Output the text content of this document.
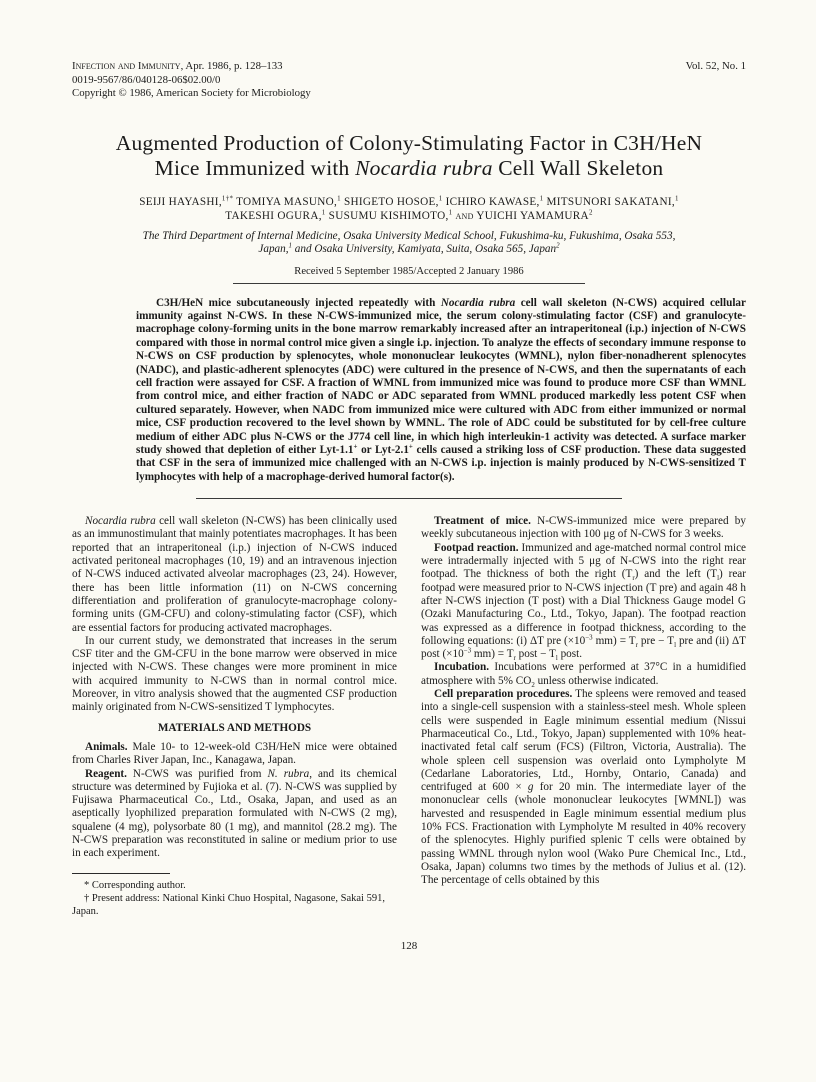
Infection and Immunity, Apr. 1986, p. 128–133
0019-9567/86/040128-06$02.00/0
Copyright © 1986, American Society for Microbiology
Vol. 52, No. 1
Augmented Production of Colony-Stimulating Factor in C3H/HeN
Mice Immunized with Nocardia rubra Cell Wall Skeleton
SEIJI HAYASHI,$^{1\dagger*}$ TOMIYA MASUNO,$^1$ SHIGETO HOSOE,$^1$ ICHIRO KAWASE,$^1$ MITSUNORI SAKATANI,$^1$
TAKESHI OGURA,$^1$ SUSUMU KISHIMOTO,$^1$ and YUICHI YAMAMURA$^2$
The Third Department of Internal Medicine, Osaka University Medical School, Fukushima-ku, Fukushima, Osaka 553,
Japan,$^1$ and Osaka University, Kamiyata, Suita, Osaka 565, Japan$^2$
Received 5 September 1985/Accepted 2 January 1986

C3H/HeN mice subcutaneously injected repeatedly with Nocardia rubra cell wall skeleton (N-CWS) acquired cellular immunity against N-CWS. In these N-CWS-immunized mice, the serum colony-stimulating factor (CSF) and granulocyte-macrophage colony-forming units in the bone marrow remarkably increased after an intraperitoneal (i.p.) injection of N-CWS compared with those in normal control mice given a single i.p. injection. To analyze the effects of secondary immune response to N-CWS on CSF production by splenocytes, whole mononuclear leukocytes (WMNL), nylon fiber-nonadherent splenocytes (NADC), and plastic-adherent splenocytes (ADC) were cultured in the presence of N-CWS, and then the supernatants of each cell fraction were assayed for CSF. A fraction of WMNL from immunized mice was found to produce more CSF than WMNL from control mice, and either fraction of NADC or ADC separated from WMNL produced markedly less potent CSF when cultured separately. However, when NADC from immunized mice were cultured with ADC from either immunized or normal mice, CSF production recovered to the level shown by WMNL. The role of ADC could be substituted for by cell-free culture medium of either ADC plus N-CWS or the J774 cell line, in which high interleukin-1 activity was detected. A surface marker study showed that depletion of either Lyt-1.1+ or Lyt-2.1+ cells caused a striking loss of CSF production. These data suggested that CSF in the sera of immunized mice challenged with an N-CWS i.p. injection is mainly produced by N-CWS-sensitized T lymphocytes with help of a macrophage-derived humoral factor(s).

Nocardia rubra cell wall skeleton (N-CWS) has been clinically used as an immunostimulant that mainly potentiates macrophages. It has been reported that an intraperitoneal (i.p.) injection of N-CWS induced activated peritoneal macrophages (10, 19) and an intravenous injection of N-CWS induced activated alveolar macrophages (23, 24). However, there has been little information (11) on N-CWS concerning differentiation and proliferation of granulocyte-macrophage colony-forming units (GM-CFU) and colony-stimulating factor (CSF), which are essential factors for producing activated macrophages.

In our current study, we demonstrated that increases in the serum CSF titer and the GM-CFU in the bone marrow were observed in mice injected with N-CWS. These changes were more prominent in mice with acquired immunity to N-CWS than in normal control mice. Moreover, in vitro analysis showed that the augmented CSF production mainly originated from N-CWS-sensitized T lymphocytes.

MATERIALS AND METHODS

Animals. Male 10- to 12-week-old C3H/HeN mice were obtained from Charles River Japan, Inc., Kanagawa, Japan.

Reagent. N-CWS was purified from N. rubra, and its chemical structure was determined by Fujioka et al. (7). N-CWS was supplied by Fujisawa Pharmaceutical Co., Ltd., Osaka, Japan, and used as an aseptically lyophilized preparation formulated with N-CWS (2 mg), squalene (4 mg), polysorbate 80 (1 mg), and mannitol (28.2 mg). The N-CWS preparation was reconstituted in saline or medium prior to use in each experiment.

* Corresponding author.

† Present address: National Kinki Chuo Hospital, Nagasone, Sakai 591, Japan.

Treatment of mice. N-CWS-immunized mice were prepared by weekly subcutaneous injection with 100 μg of N-CWS for 3 weeks.

Footpad reaction. Immunized and age-matched normal control mice were intradermally injected with 5 μg of N-CWS into the right rear footpad. The thickness of both the right $(T_r)$ and the left $(T_l)$ rear footpad were measured prior to N-CWS injection (T pre) and again 48 h after N-CWS injection (T post) with a Dial Thickness Gauge model G (Ozaki Manufacturing Co., Ltd., Tokyo, Japan). The footpad reaction was expressed as a difference in footpad thickness, according to the following equations: (i) ΔT pre ($\times 10^{-3}$ $mm) = T_r$ pre − $T_l$ pre and (ii) ΔT post ($\times 10^{-3}$ $mm) = T_r$ post − $T_l$ post.

Incubation. Incubations were performed at 37°C in a humidified atmosphere with 5% $CO_2$ unless otherwise indicated.

Cell preparation procedures. The spleens were removed and teased into a single-cell suspension with a stainless-steel mesh. Whole spleen cells were suspended in Eagle minimum essential medium (Nissui Pharmaceutical Co., Ltd., Tokyo, Japan) supplemented with 10% heat-inactivated fetal calf serum (FCS) (Filtron, Victoria, Australia). The whole spleen cell suspension was overlaid onto Lympholyte M (Cedarlane Laboratories, Ltd., Hornby, Ontario, Canada) and centrifuged at 600 × g for 20 min. The intermediate layer of the mononuclear cells (whole mononuclear leukocytes [WMNL]) was harvested and resuspended in Eagle minimum essential medium plus 10% FCS. Fractionation with Lympholyte M resulted in 40% recovery of the splenocytes. Highly purified splenic T cells were obtained by passing WMNL through nylon wool (Wako Pure Chemical Inc., Ltd., Osaka, Japan) columns two times by the methods of Julius et al. (12). The percentage of cells obtained by this

128
